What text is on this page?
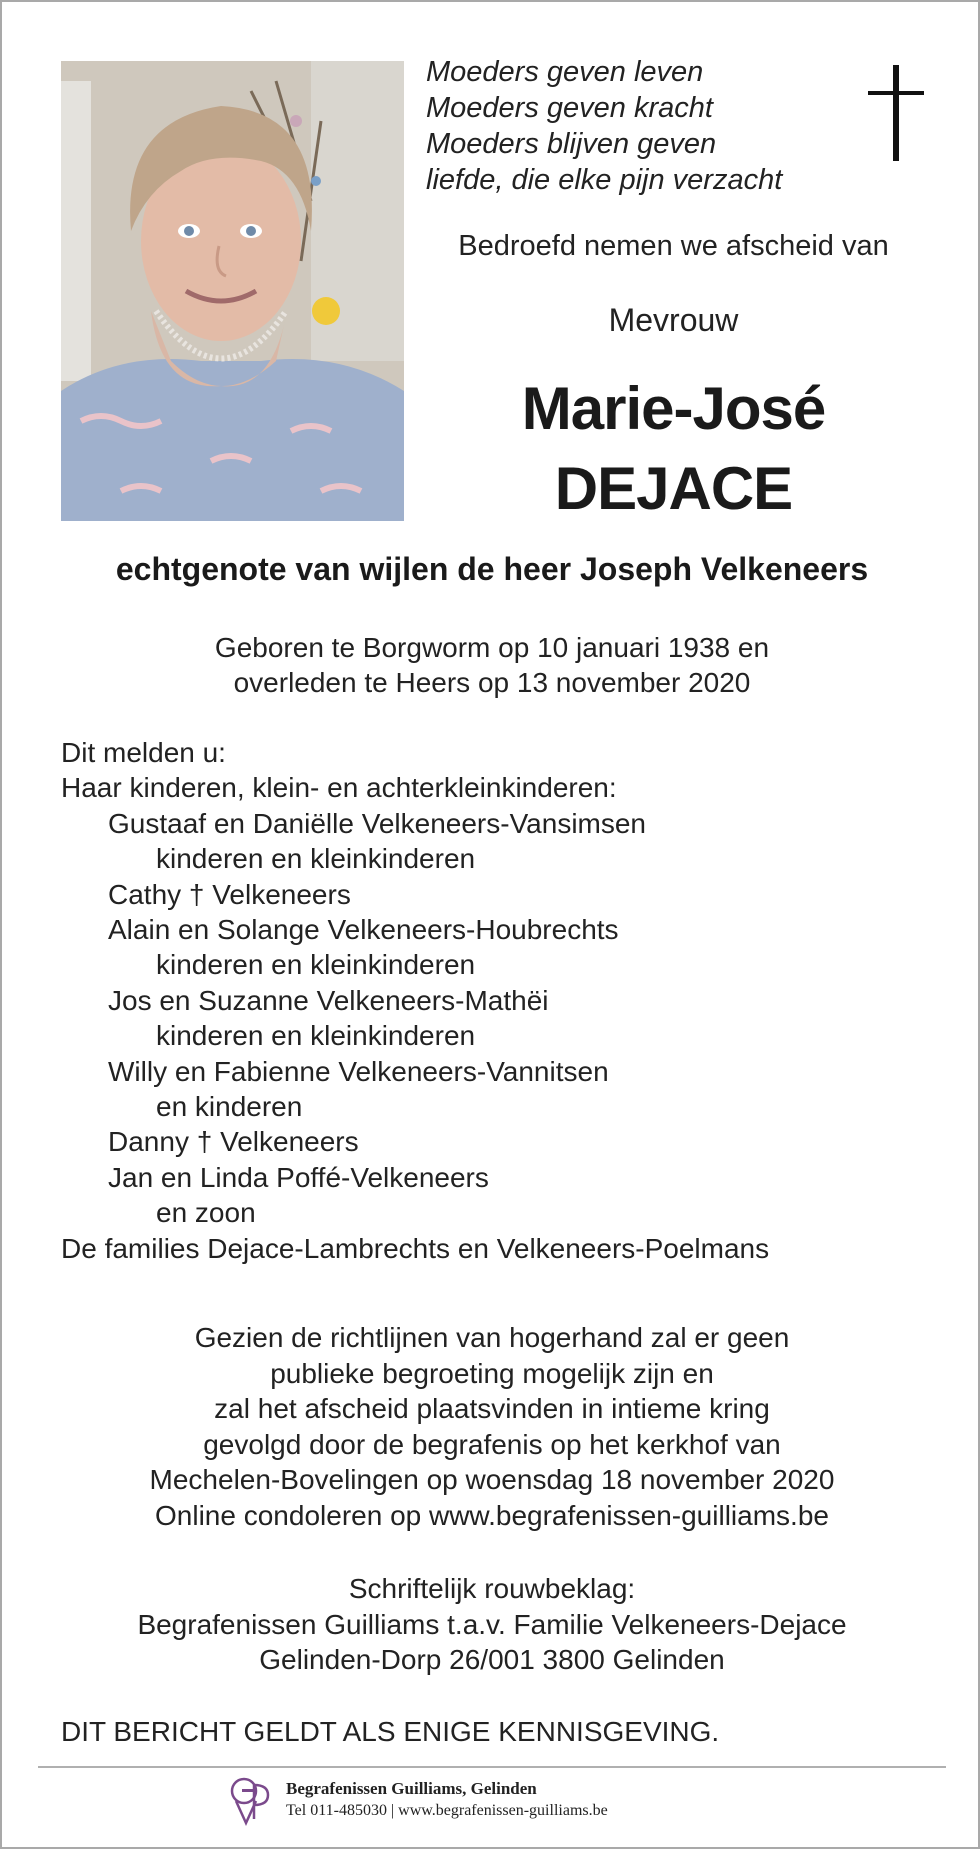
Moeders geven leven
Moeders geven kracht
Moeders blijven geven
liefde, die elke pijn verzacht
Bedroefd nemen we afscheid van
Mevrouw
Marie-José
DEJACE
echtgenote van wijlen de heer Joseph Velkeneers
Geboren te Borgworm op 10 januari 1938 en
overleden te Heers op 13 november 2020
Dit melden u:
Haar kinderen, klein- en achterkleinkinderen:
Gustaaf en Daniëlle Velkeneers-Vansimsen
kinderen en kleinkinderen
Cathy † Velkeneers
Alain en Solange Velkeneers-Houbrechts
kinderen en kleinkinderen
Jos en Suzanne Velkeneers-Mathëi
kinderen en kleinkinderen
Willy en Fabienne Velkeneers-Vannitsen
en kinderen
Danny † Velkeneers
Jan en Linda Poffé-Velkeneers
en zoon
De families Dejace-Lambrechts en Velkeneers-Poelmans
Gezien de richtlijnen van hogerhand zal er geen
publieke begroeting mogelijk zijn en
zal het afscheid plaatsvinden in intieme kring
gevolgd door de begrafenis op het kerkhof van
Mechelen-Bovelingen op woensdag 18 november 2020
Online condoleren op www.begrafenissen-guilliams.be
Schriftelijk rouwbeklag:
Begrafenissen Guilliams t.a.v. Familie Velkeneers-Dejace
Gelinden-Dorp 26/001 3800 Gelinden
DIT BERICHT GELDT ALS ENIGE KENNISGEVING.
Begrafenissen Guilliams, Gelinden
Tel 011-485030 | www.begrafenissen-guilliams.be
